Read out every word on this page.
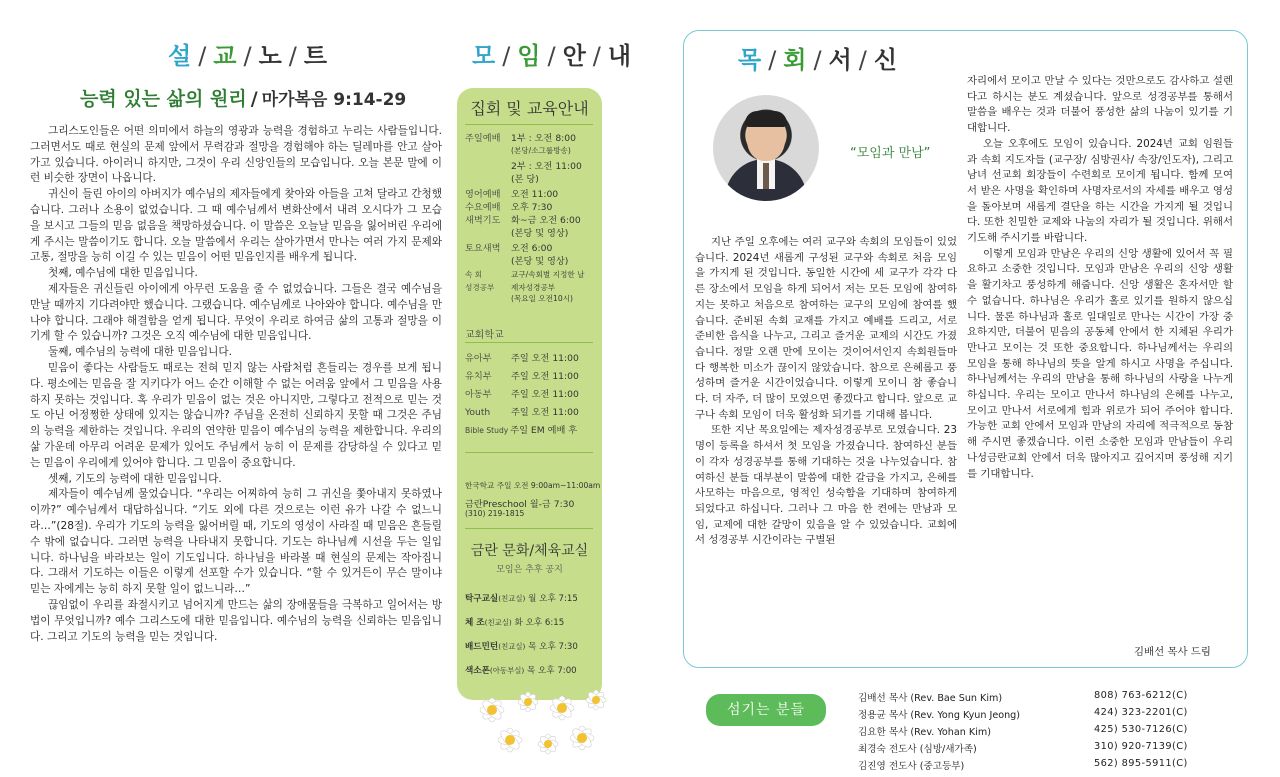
설 / 교 / 노 / 트	모 / 임 / 안 / 내
능력 있는 삶의 원리 / 마가복음 9:14-29

그리스도인들은 어떤 의미에서 하늘의 영광과 능력을 경험하고 누리는 사람들입니다. 그러면서도 때로 현실의 문제 앞에서 무력감과 절망을 경험해야 하는 딜레마를 안고 살아가고 있습니다. 아이러니 하지만, 그것이 우리 신앙인들의 모습입니다. 오늘 본문 말에 이런 비슷한 장면이 나옵니다.

귀신이 들린 아이의 아버지가 예수님의 제자들에게 찾아와 아들을 고쳐 달라고 간청했습니다. 그러나 소용이 없었습니다. 그 때 예수님께서 변화산에서 내려 오시다가 그 모습을 보시고 그들의 믿음 없음을 책망하셨습니다. 이 말씀은 오늘날 믿음을 잃어버린 우리에게 주시는 말씀이기도 합니다. 오늘 말씀에서 우리는 살아가면서 만나는 여러 가지 문제와 고통, 절망을 능히 이길 수 있는 믿음이 어떤 믿음인지를 배우게 됩니다.

첫째, 예수님에 대한 믿음입니다.

제자들은 귀신들린 아이에게 아무런 도움을 줄 수 없었습니다. 그들은 결국 예수님을 만날 때까지 기다려야만 했습니다. 그랬습니다. 예수님께로 나아와야 합니다. 예수님을 만나야 합니다. 그래야 해결함을 얻게 됩니다. 무엇이 우리로 하여금 삶의 고통과 절망을 이기게 할 수 있습니까? 그것은 오직 예수님에 대한 믿음입니다.

둘째, 예수님의 능력에 대한 믿음입니다.

믿음이 좋다는 사람들도 때로는 전혀 믿지 않는 사람처럼 흔들리는 경우를 보게 됩니다. 평소에는 믿음을 잘 지키다가 어느 순간 이해할 수 없는 어려움 앞에서 그 믿음을 사용하지 못하는 것입니다. 혹 우리가 믿음이 없는 것은 아니지만, 그렇다고 전적으로 믿는 것도 아닌 어정쩡한 상태에 있지는 않습니까? 주님을 온전히 신뢰하지 못할 때 그것은 주님의 능력을 제한하는 것입니다. 우리의 연약한 믿음이 예수님의 능력을 제한합니다. 우리의 삶 가운데 아무리 어려운 문제가 있어도 주님께서 능히 이 문제를 감당하실 수 있다고 믿는 믿음이 우리에게 있어야 합니다. 그 믿음이 중요합니다.

셋째, 기도의 능력에 대한 믿음입니다.

제자들이 예수님께 물었습니다. “우리는 어찌하여 능히 그 귀신을 쫓아내지 못하였나이까?” 예수님께서 대답하십니다. “기도 외에 다른 것으로는 이런 유가 나갈 수 없느니라…”(28절). 우리가 기도의 능력을 잃어버릴 때, 기도의 영성이 사라질 때 믿음은 흔들릴 수 밖에 없습니다. 그러면 능력을 나타내지 못합니다. 기도는 하나님께 시선을 두는 일입니다. 하나님을 바라보는 일이 기도입니다. 하나님을 바라볼 때 현실의 문제는 작아집니다. 그래서 기도하는 이들은 이렇게 선포할 수가 있습니다. “할 수 있거든이 무슨 말이냐 믿는 자에게는 능히 하지 못할 일이 없느니라…”

끊임없이 우리를 좌절시키고 넘어지게 만드는 삶의 장애물들을 극복하고 일어서는 방법이 무엇입니까? 예수 그리스도에 대한 믿음입니다. 예수님의 능력을 신뢰하는 믿음입니다. 그리고 기도의 능력을 믿는 것입니다.

집회 및 교육안내
주일예배 1부 : 오전 8:00
(본당/소그룹방송)
2부 : 오전 11:00
(본 당)
영어예배 오전 11:00
수요예배 오후 7:30
새벽기도 화~금 오전 6:00
(본당 및 영상)
토요새벽 오전 6:00
(본당 및 영상)
속 회	교구/속회별 지정한 날
성경공부 제자성경공부
(목요일 오전10시)
교회학교
유아부 주일 오전 11:00
유치부 주일 오전 11:00
아동부 주일 오전 11:00
Youth 주일 오전 11:00
Bible Study 주일 EM 예배 후
한국학교 주일 오전 9:00am~11:00am
금란Preschool 월-금 7:30
(310) 219-1815
금란 문화/체육교실
모임은 추후 공지
탁구교실(친교실) 월 오후 7:15
체 조(친교실) 화 오후 6:15
배드민턴(친교실) 목 오후 7:30
색소폰(아동부실) 목 오후 7:00
목 / 회 / 서 / 신
“모임과 만남”

지난 주일 오후에는 여러 교구와 속회의 모임들이 있었습니다. 2024년 새롭게 구성된 교구와 속회로 처음 모임을 가지게 된 것입니다. 동일한 시간에 세 교구가 각각 다른 장소에서 모임을 하게 되어서 저는 모든 모임에 참여하지는 못하고 처음으로 참여하는 교구의 모임에 참여를 했습니다. 준비된 속회 교재를 가지고 예배를 드리고, 서로 준비한 음식을 나누고, 그리고 즐거운 교제의 시간도 가졌습니다. 정말 오랜 만에 모이는 것이어서인지 속회원들마다 행복한 미소가 끊이지 않았습니다. 참으로 은혜롭고 풍성하며 즐거운 시간이었습니다. 이렇게 모이니 참 좋습니다. 더 자주, 더 많이 모였으면 좋겠다고 합니다. 앞으로 교구나 속회 모임이 더욱 활성화 되기를 기대해 봅니다.

또한 지난 목요일에는 제자성경공부로 모였습니다. 23명이 등록을 하셔서 첫 모임을 가졌습니다. 참여하신 분들이 각자 성경공부를 통해 기대하는 것을 나누었습니다. 참여하신 분들 대부분이 말씀에 대한 갈급을 가지고, 은혜를 사모하는 마음으로, 영적인 성숙함을 기대하며 참여하게 되었다고 하십니다. 그러나 그 마음 한 켠에는 만남과 모임, 교제에 대한 갈망이 있음을 알 수 있었습니다. 교회에서 성경공부 시간이라는 구별된

자리에서 모이고 만날 수 있다는 것만으로도 감사하고 설렌다고 하시는 분도 계셨습니다. 앞으로 성경공부를 통해서 말씀을 배우는 것과 더불어 풍성한 삶의 나눔이 있기를 기대합니다.

오늘 오후에도 모임이 있습니다. 2024년 교회 임원들과 속회 지도자들 (교구장/ 심방권사/ 속장/인도자), 그리고 남녀 선교회 회장들이 수련회로 모이게 됩니다. 함께 모여서 받은 사명을 확인하며 사명자로서의 자세를 배우고 영성을 돌아보며 새롭게 결단을 하는 시간을 가지게 될 것입니다. 또한 친밀한 교제와 나눔의 자리가 될 것입니다. 위해서 기도해 주시기를 바랍니다.

이렇게 모임과 만남은 우리의 신앙 생활에 있어서 꼭 필요하고 소중한 것입니다. 모임과 만남은 우리의 신앙 생활을 활기차고 풍성하게 해줍니다. 신앙 생활은 혼자서만 할 수 없습니다. 하나님은 우리가 홀로 있기를 원하지 않으십니다. 물론 하나님과 홀로 일대일로 만나는 시간이 가장 중요하지만, 더불어 믿음의 공동체 안에서 한 지체된 우리가 만나고 모이는 것 또한 중요합니다. 하나님께서는 우리의 모임을 통해 하나님의 뜻을 알게 하시고 사명을 주십니다. 하나님께서는 우리의 만남을 통해 하나님의 사랑을 나누게 하십니다. 우리는 모이고 만나서 하나님의 은혜를 나누고, 모이고 만나서 서로에게 힘과 위로가 되어 주어야 합니다. 가능한 교회 안에서 모임과 만남의 자리에 적극적으로 동참해 주시면 좋겠습니다. 이런 소중한 모임과 만남들이 우리 나성금란교회 안에서 더욱 많아지고 깊어지며 풍성해 지기를 기대합니다.

김배선 목사 드림
섬기는 분들
김배선 목사 (Rev. Bae Sun Kim)	808) 763-6212(C)
정용균 목사 (Rev. Yong Kyun Jeong)	424) 323-2201(C)
김요한 목사 (Rev. Yohan Kim)	425) 530-7126(C)
최경숙 전도사 (심방/새가족)	310) 920-7139(C)
김진영 전도사 (중고등부)	562) 895-5911(C)
